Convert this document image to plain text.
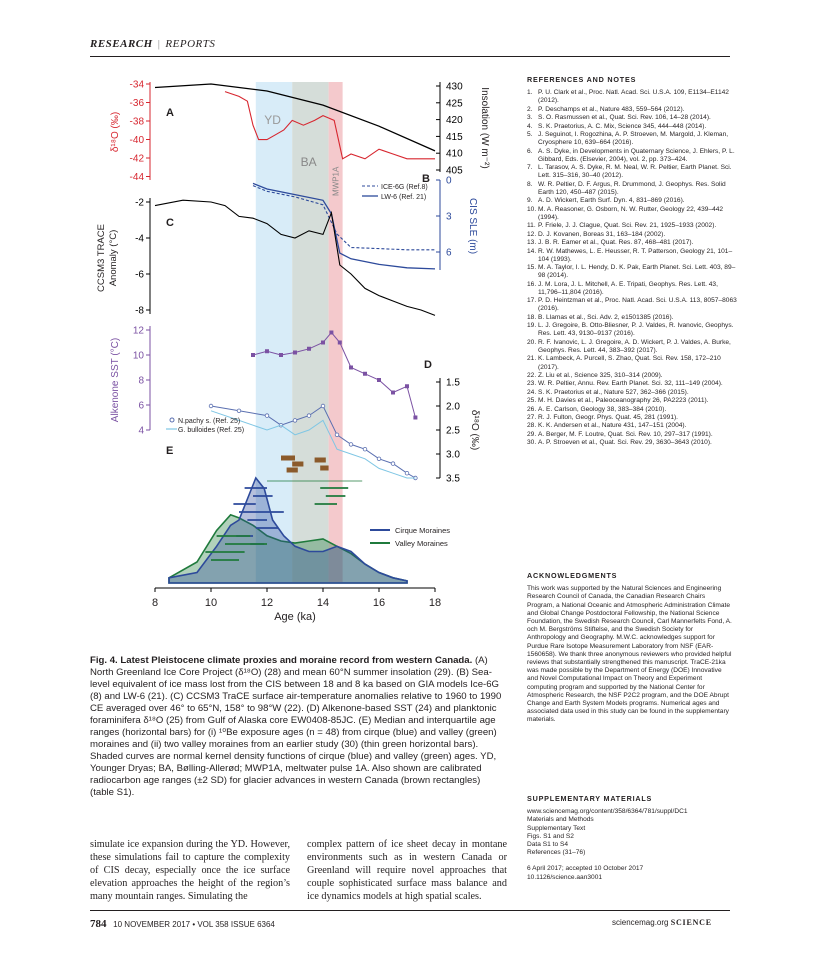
RESEARCH | REPORTS
YD
BA
MWP1A
-34
-36
-38
-40
-42
-44
430
425
420
415
410
405
0
3
6
-2
-4
-6
-8
12
10
8
6
4
1.5
2.0
2.5
3.0
3.5
8	10	12	14	16	18
Age (ka)
δ¹⁸O (‰)	Insolation (W m⁻²)
CIS SLE (m)
CCSM3 TRACE Anomaly (°C)
Alkenone SST (°C)
δ¹⁸O (‰)
A
B
C
D
E
ICE-6G (Ref.8)
LW-6 (Ref. 21)
N.pachy s. (Ref. 25)
G. bulloides (Ref. 25)
Cirque Moraines
Valley Moraines
Fig. 4. Latest Pleistocene climate proxies and moraine record from western Canada. (A) North Greenland Ice Core Project (δ¹⁸O) (28) and mean 60°N summer insolation (29). (B) Sea-level equivalent of ice mass lost from the CIS between 18 and 8 ka based on GIA models Ice-6G (8) and LW-6 (21). (C) CCSM3 TraCE surface air-temperature anomalies relative to 1960 to 1990 CE averaged over 46° to 65°N, 158° to 98°W (22). (D) Alkenone-based SST (24) and planktonic foraminifera δ¹⁸O (25) from Gulf of Alaska core EW0408-85JC. (E) Median and interquartile age ranges (horizontal bars) for (i) ¹⁰Be exposure ages (n = 48) from cirque (blue) and valley (green) moraines and (ii) two valley moraines from an earlier study (30) (thin green horizontal bars). Shaded curves are normal kernel density functions of cirque (blue) and valley (green) ages. YD, Younger Dryas; BA, Bølling-Allerød; MWP1A, meltwater pulse 1A. Also shown are calibrated radiocarbon age ranges (±2 SD) for glacier advances in western Canada (brown rectangles) (table S1).
simulate ice expansion during the YD. However, these simulations fail to capture the complexity of CIS decay, especially once the ice surface elevation approaches the height of the region’s many mountain ranges. Simulating the
complex pattern of ice sheet decay in montane environments such as in western Canada or Greenland will require novel approaches that couple sophisticated surface mass balance and ice dynamics models at high spatial scales.
REFERENCES AND NOTES
1. P. U. Clark et al., Proc. Natl. Acad. Sci. U.S.A. 109, E1134–E1142 (2012).
2. P. Deschamps et al., Nature 483, 559–564 (2012).
3. S. O. Rasmussen et al., Quat. Sci. Rev. 106, 14–28 (2014).
4. S. K. Praetorius, A. C. Mix, Science 345, 444–448 (2014).
5. J. Seguinot, I. Rogozhina, A. P. Stroeven, M. Margold, J. Kleman, Cryosphere 10, 639–664 (2016).
6. A. S. Dyke, in Developments in Quaternary Science, J. Ehlers, P. L. Gibbard, Eds. (Elsevier, 2004), vol. 2, pp. 373–424.
7. L. Tarasov, A. S. Dyke, R. M. Neal, W. R. Peltier, Earth Planet. Sci. Lett. 315–316, 30–40 (2012).
8. W. R. Peltier, D. F. Argus, R. Drummond, J. Geophys. Res. Solid Earth 120, 450–487 (2015).
9. A. D. Wickert, Earth Surf. Dyn. 4, 831–869 (2016).
10. M. A. Reasoner, G. Osborn, N. W. Rutter, Geology 22, 439–442 (1994).
11. P. Friele, J. J. Clague, Quat. Sci. Rev. 21, 1925–1933 (2002).
12. D. J. Kovanen, Boreas 31, 163–184 (2002).
13. J. B. R. Eamer et al., Quat. Res. 87, 468–481 (2017).
14. R. W. Mathewes, L. E. Heusser, R. T. Patterson, Geology 21, 101–104 (1993).
15. M. A. Taylor, I. L. Hendy, D. K. Pak, Earth Planet. Sci. Lett. 403, 89–98 (2014).
16. J. M. Lora, J. L. Mitchell, A. E. Tripati, Geophys. Res. Lett. 43, 11,796–11,804 (2016).
17. P. D. Heintzman et al., Proc. Natl. Acad. Sci. U.S.A. 113, 8057–8063 (2016).
18. B. Llamas et al., Sci. Adv. 2, e1501385 (2016).
19. L. J. Gregoire, B. Otto-Bliesner, P. J. Valdes, R. Ivanovic, Geophys. Res. Lett. 43, 9130–9137 (2016).
20. R. F. Ivanovic, L. J. Gregoire, A. D. Wickert, P. J. Valdes, A. Burke, Geophys. Res. Lett. 44, 383–392 (2017).
21. K. Lambeck, A. Purcell, S. Zhao, Quat. Sci. Rev. 158, 172–210 (2017).
22. Z. Liu et al., Science 325, 310–314 (2009).
23. W. R. Peltier, Annu. Rev. Earth Planet. Sci. 32, 111–149 (2004).
24. S. K. Praetorius et al., Nature 527, 362–366 (2015).
25. M. H. Davies et al., Paleoceanography 26, PA2223 (2011).
26. A. E. Carlson, Geology 38, 383–384 (2010).
27. R. J. Fulton, Geogr. Phys. Quat. 45, 281 (1991).
28. K. K. Andersen et al., Nature 431, 147–151 (2004).
29. A. Berger, M. F. Loutre, Quat. Sci. Rev. 10, 297–317 (1991).
30. A. P. Stroeven et al., Quat. Sci. Rev. 29, 3630–3643 (2010).
ACKNOWLEDGMENTS
This work was supported by the Natural Sciences and Engineering Research Council of Canada, the Canadian Research Chairs Program, a National Oceanic and Atmospheric Administration Climate and Global Change Postdoctoral Fellowship, the National Science Foundation, the Swedish Research Council, Carl Mannerfelts Fond, A. och M. Bergströms Stiftelse, and the Swedish Society for Anthropology and Geography. M.W.C. acknowledges support for Purdue Rare Isotope Measurement Laboratory from NSF (EAR-1560658). We thank three anonymous reviewers who provided helpful reviews that substantially strengthened this manuscript. TraCE-21ka was made possible by the Department of Energy (DOE) Innovative and Novel Computational Impact on Theory and Experiment computing program and supported by the National Center for Atmospheric Research, the NSF P2C2 program, and the DOE Abrupt Change and Earth System Models programs. Numerical ages and associated data used in this study can be found in the supplementary materials.
SUPPLEMENTARY MATERIALS
www.sciencemag.org/content/358/6364/781/suppl/DC1
Materials and Methods
Supplementary Text
Figs. S1 and S2
Data S1 to S4
References (31–76)
6 April 2017; accepted 10 October 2017
10.1126/science.aan3001
784 10 NOVEMBER 2017 • VOL 358 ISSUE 6364	sciencemag.org SCIENCE
